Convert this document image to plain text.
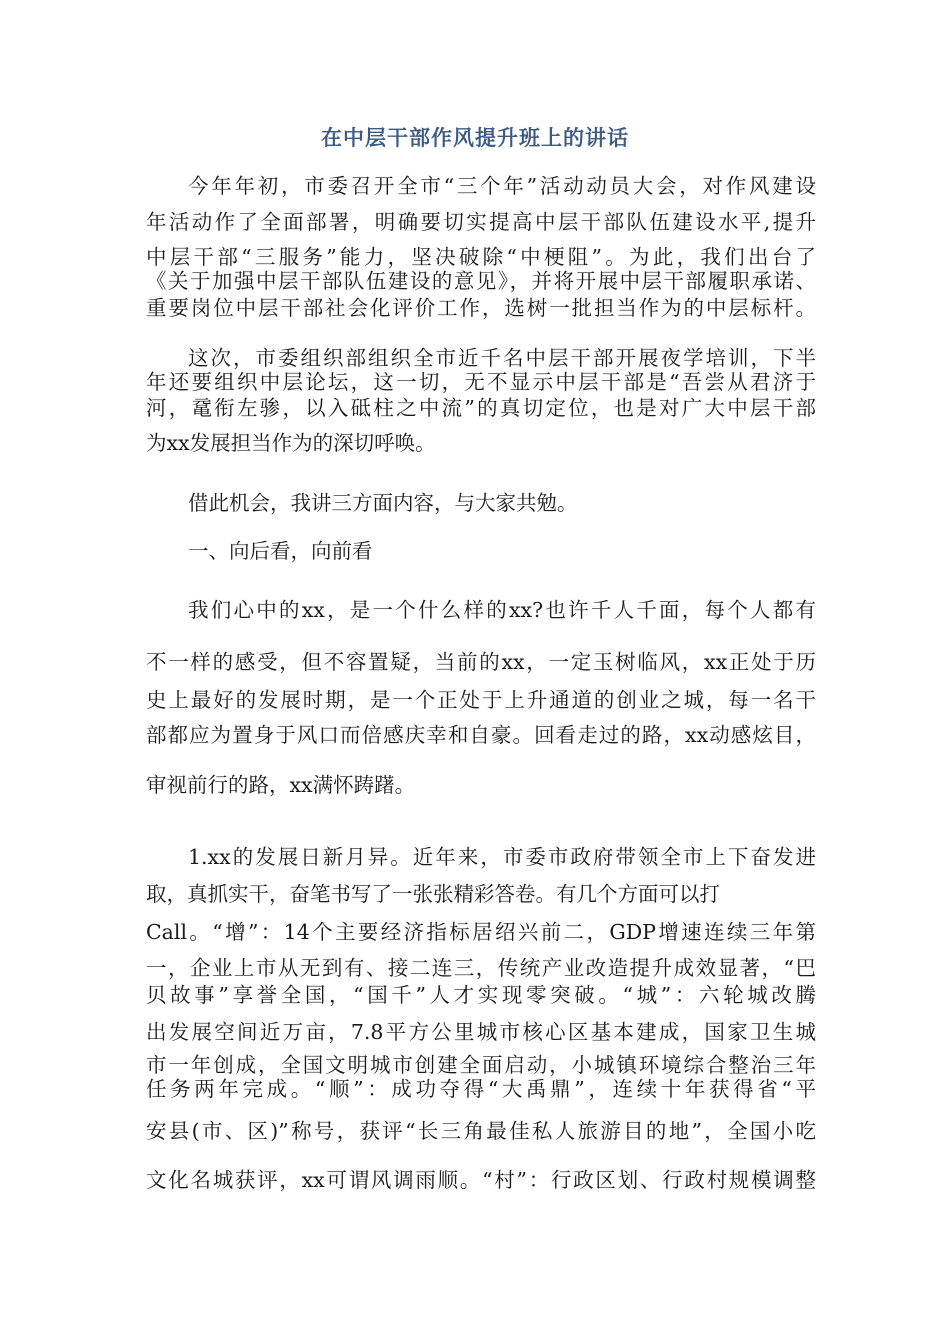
在中层干部作风提升班上的讲话
今年年初，市委召开全市“三个年”活动动员大会，对作风建设
年活动作了全面部署，明确要切实提高中层干部队伍建设水平,提升
中层干部“三服务”能力，坚决破除“中梗阻”。为此，我们出台了
《关于加强中层干部队伍建设的意见》，并将开展中层干部履职承诺、
重要岗位中层干部社会化评价工作，选树一批担当作为的中层标杆。
这次，市委组织部组织全市近千名中层干部开展夜学培训，下半
年还要组织中层论坛，这一切，无不显示中层干部是“吾尝从君济于
河，鼋衔左骖，以入砥柱之中流”的真切定位，也是对广大中层干部
为xx发展担当作为的深切呼唤。
借此机会，我讲三方面内容，与大家共勉。
一、向后看，向前看
我们心中的xx，是一个什么样的xx?也许千人千面，每个人都有
不一样的感受，但不容置疑，当前的xx，一定玉树临风，xx正处于历
史上最好的发展时期，是一个正处于上升通道的创业之城，每一名干
部都应为置身于风口而倍感庆幸和自豪。回看走过的路，xx动感炫目，
审视前行的路，xx满怀踌躇。
1.xx的发展日新月异。近年来，市委市政府带领全市上下奋发进
取，真抓实干，奋笔书写了一张张精彩答卷。有几个方面可以打
Call。“增”：14个主要经济指标居绍兴前二，GDP增速连续三年第
一，企业上市从无到有、接二连三，传统产业改造提升成效显著，“巴
贝故事”享誉全国，“国千”人才实现零突破。“城”：六轮城改腾
出发展空间近万亩，7.8平方公里城市核心区基本建成，国家卫生城
市一年创成，全国文明城市创建全面启动，小城镇环境综合整治三年
任务两年完成。“顺”：成功夺得“大禹鼎”，连续十年获得省“平
安县(市、区)”称号，获评“长三角最佳私人旅游目的地”，全国小吃
文化名城获评，xx可谓风调雨顺。“村”：行政区划、行政村规模调整
